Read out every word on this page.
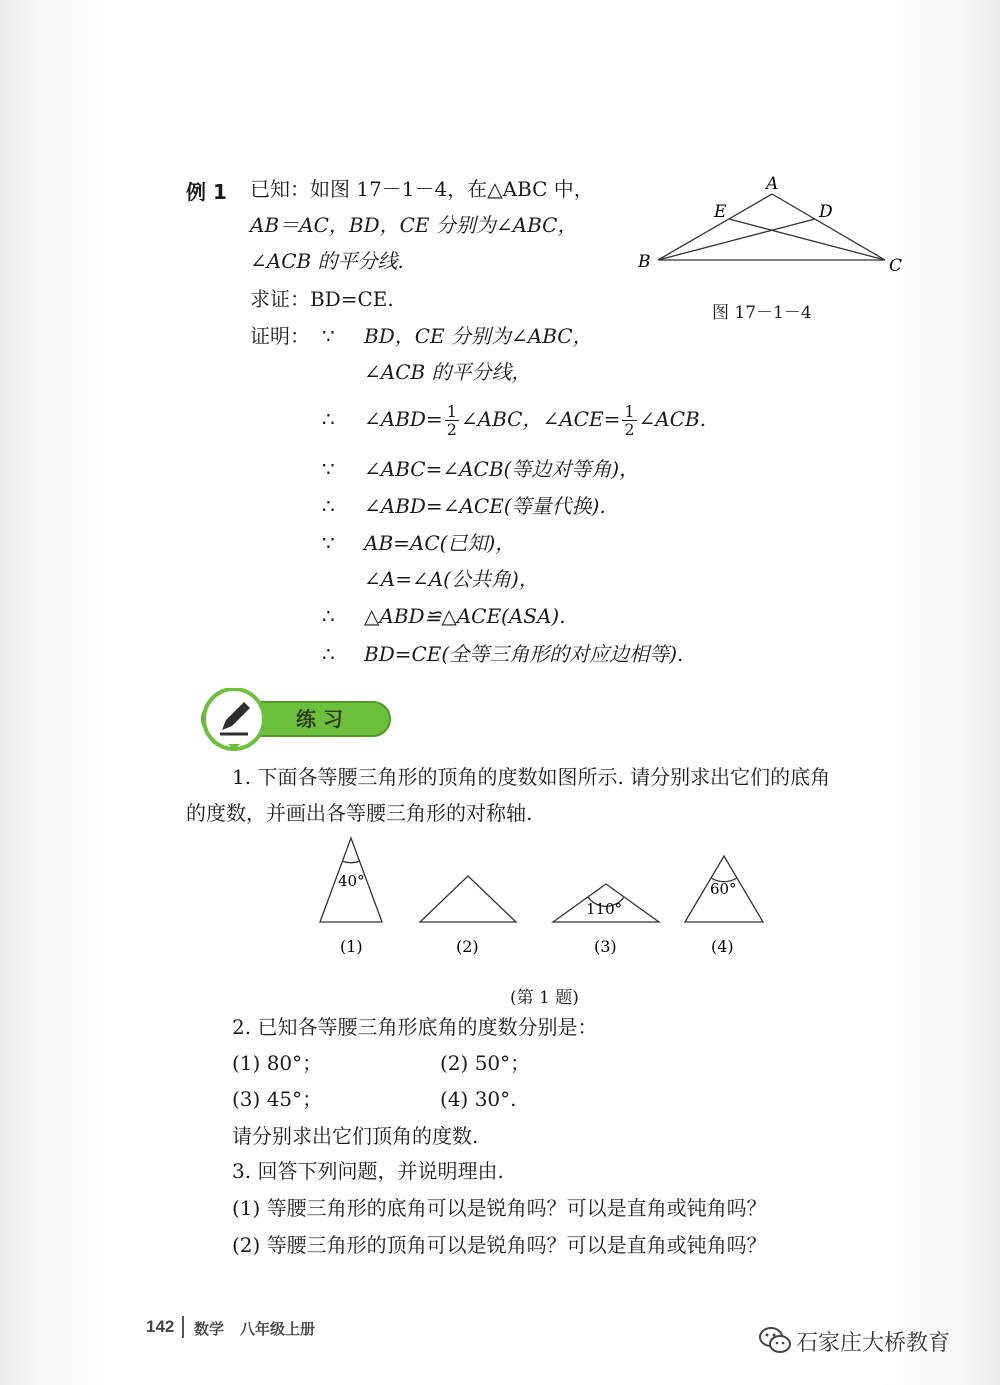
例 1 已知：如图 17－1－4，在△ABC 中，
AB＝AC，BD，CE 分别为∠ABC，
∠ACB 的平分线.
求证：BD=CE.
证明： ∵ BD，CE 分别为∠ABC，
∠ACB 的平分线，
∴ ∠ABD= $\frac{1}{2}$ ∠ABC，∠ACE= $\frac{1}{2}$ ∠ACB.
∵ ∠ABC=∠ACB(等边对等角)，
∴ ∠ABD=∠ACE(等量代换).
∵ AB=AC(已知)，
∠A=∠A(公共角)，
∴ △ABD≌△ACE(ASA).
∴ BD=CE(全等三角形的对应边相等).
A
B	C
D
E
图 17－1－4
练 习
1. 下面各等腰三角形的顶角的度数如图所示. 请分别求出它们的底角
的度数，并画出各等腰三角形的对称轴.
40°
110°
60°
(1)	(2)	(3)	(4)
(第 1 题)
2. 已知各等腰三角形底角的度数分别是：
(1) 80°；	(2) 50°；
(3) 45°；	(4) 30°.
请分别求出它们顶角的度数.
3. 回答下列问题，并说明理由.
(1) 等腰三角形的底角可以是锐角吗？可以是直角或钝角吗？
(2) 等腰三角形的顶角可以是锐角吗？可以是直角或钝角吗？
142 数学 八年级上册
石家庄大桥教育
